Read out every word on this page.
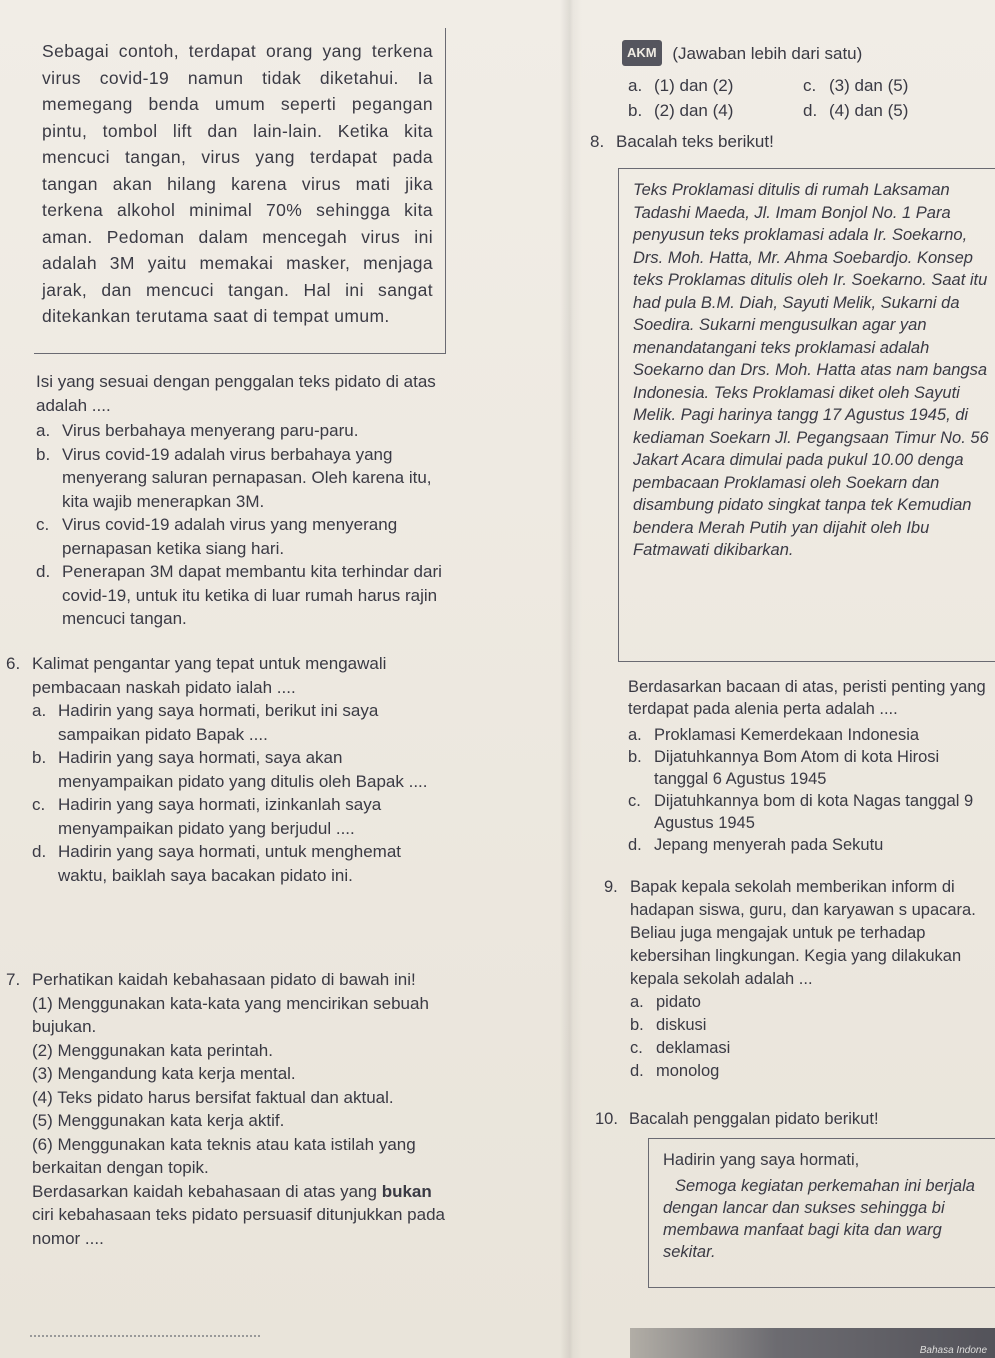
Sebagai contoh, terdapat orang yang terkena virus covid-19 namun tidak diketahui. Ia memegang benda umum seperti pegangan pintu, tombol lift dan lain-lain. Ketika kita mencuci tangan, virus yang terdapat pada tangan akan hilang karena virus mati jika terkena alkohol minimal 70% sehingga kita aman. Pedoman dalam mencegah virus ini adalah 3M yaitu memakai masker, menjaga jarak, dan mencuci tangan. Hal ini sangat ditekankan terutama saat di tempat umum.

Isi yang sesuai dengan penggalan teks pidato di atas adalah ....
a. Virus berbahaya menyerang paru-paru.
b. Virus covid-19 adalah virus berbahaya yang menyerang saluran pernapasan. Oleh karena itu, kita wajib menerapkan 3M.
c. Virus covid-19 adalah virus yang menyerang pernapasan ketika siang hari.
d. Penerapan 3M dapat membantu kita terhindar dari covid-19, untuk itu ketika di luar rumah harus rajin mencuci tangan.
6. Kalimat pengantar yang tepat untuk mengawali pembacaan naskah pidato ialah ....
a. Hadirin yang saya hormati, berikut ini saya sampaikan pidato Bapak ....
b. Hadirin yang saya hormati, saya akan menyampaikan pidato yang ditulis oleh Bapak ....
c. Hadirin yang saya hormati, izinkanlah saya menyampaikan pidato yang berjudul ....
d. Hadirin yang saya hormati, untuk menghemat waktu, baiklah saya bacakan pidato ini.
7. Perhatikan kaidah kebahasaan pidato di bawah ini!
(1) Menggunakan kata-kata yang mencirikan sebuah bujukan.
(2) Menggunakan kata perintah.
(3) Mengandung kata kerja mental.
(4) Teks pidato harus bersifat faktual dan aktual.
(5) Menggunakan kata kerja aktif.
(6) Menggunakan kata teknis atau kata istilah yang berkaitan dengan topik.
Berdasarkan kaidah kebahasaan di atas yang bukan ciri kebahasaan teks pidato persuasif ditunjukkan pada nomor ....
AKM (Jawaban lebih dari satu)
a. (1) dan (2)	c. (3) dan (5)
b. (2) dan (4)	d. (4) dan (5)
8. Bacalah teks berikut!

Teks Proklamasi ditulis di rumah Laksaman Tadashi Maeda, Jl. Imam Bonjol No. 1 Para penyusun teks proklamasi adala Ir. Soekarno, Drs. Moh. Hatta, Mr. Ahma Soebardjo. Konsep teks Proklamas ditulis oleh Ir. Soekarno. Saat itu had pula B.M. Diah, Sayuti Melik, Sukarni da Soedira. Sukarni mengusulkan agar yan menandatangani teks proklamasi adalah Soekarno dan Drs. Moh. Hatta atas nam bangsa Indonesia. Teks Proklamasi diket oleh Sayuti Melik. Pagi harinya tangg 17 Agustus 1945, di kediaman Soekarn Jl. Pegangsaan Timur No. 56 Jakart Acara dimulai pada pukul 10.00 denga pembacaan Proklamasi oleh Soekarn dan disambung pidato singkat tanpa tek Kemudian bendera Merah Putih yan dijahit oleh Ibu Fatmawati dikibarkan.

Berdasarkan bacaan di atas, peristi penting yang terdapat pada alenia perta adalah ....
a. Proklamasi Kemerdekaan Indonesia
b. Dijatuhkannya Bom Atom di kota Hirosi tanggal 6 Agustus 1945
c. Dijatuhkannya bom di kota Nagas tanggal 9 Agustus 1945
d. Jepang menyerah pada Sekutu
9. Bapak kepala sekolah memberikan inform di hadapan siswa, guru, dan karyawan s upacara. Beliau juga mengajak untuk pe terhadap kebersihan lingkungan. Kegia yang dilakukan kepala sekolah adalah ...
a. pidato
b. diskusi
c. deklamasi
d. monolog
10. Bacalah penggalan pidato berikut!
Hadirin yang saya hormati,
Semoga kegiatan perkemahan ini berjala dengan lancar dan sukses sehingga bi membawa manfaat bagi kita dan warg sekitar.
Bahasa Indone
